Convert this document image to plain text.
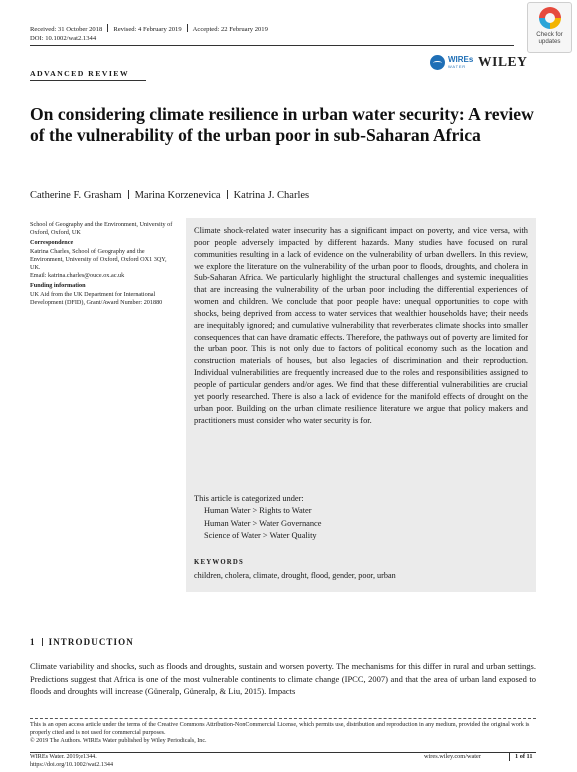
Received: 31 October 2018 Revised: 4 February 2019 Accepted: 22 February 2019
DOI: 10.1002/wat2.1344
Check for
updates
ADVANCED REVIEW
WIREs
WATER WILEY
On considering climate resilience in urban water security: A review of the vulnerability of the urban poor in sub-Saharan Africa
Catherine F. Grasham Marina Korzenevica Katrina J. Charles
School of Geography and the Environment, University of Oxford, Oxford, UK
Correspondence
Katrina Charles, School of Geography and the Environment, University of Oxford, Oxford OX1 3QY, UK.
Email: katrina.charles@ouce.ox.ac.uk
Funding information
UK Aid from the UK Department for International Development (DFID), Grant/Award Number: 201880
Climate shock-related water insecurity has a significant impact on poverty, and vice versa, with poor people adversely impacted by different hazards. Many studies have focused on rural communities resulting in a lack of evidence on the vulnerability of urban dwellers. In this review, we explore the literature on the vulnerability of the urban poor to floods, droughts, and cholera in Sub-Saharan Africa. We particularly highlight the structural challenges and systemic inequalities that are increasing the vulnerability of the urban poor including the differential experiences of women and children. We conclude that poor people have: unequal opportunities to cope with shocks, being deprived from access to water services that wealthier households have; their needs are inequitably ignored; and cumulative vulnerability that reverberates climate shocks into smaller consequences that can have dramatic effects. Therefore, the pathways out of poverty are limited for the urban poor. This is not only due to factors of political economy such as the location and construction materials of houses, but also legacies of discrimination and their reproduction. Individual vulnerabilities are frequently increased due to the roles and responsibilities assigned to people of particular genders and/or ages. We find that these differential vulnerabilities are crucial yet poorly researched. There is also a lack of evidence for the manifold effects of drought on the urban poor. Building on the urban climate resilience literature we argue that policy makers and practitioners must consider who water security is for.
This article is categorized under:
Human Water > Rights to Water
Human Water > Water Governance
Science of Water > Water Quality
KEYWORDS
children, cholera, climate, drought, flood, gender, poor, urban
1 INTRODUCTION
Climate variability and shocks, such as floods and droughts, sustain and worsen poverty. The mechanisms for this differ in rural and urban settings. Predictions suggest that Africa is one of the most vulnerable continents to climate change (IPCC, 2007) and that the area of urban land exposed to floods and droughts will increase (Güneralp, Güneralp, & Liu, 2015). Impacts
This is an open access article under the terms of the Creative Commons Attribution-NonCommercial License, which permits use, distribution and reproduction in any medium, provided the original work is properly cited and is not used for commercial purposes.
© 2019 The Authors. WIREs Water published by Wiley Periodicals, Inc.
WIREs Water. 2019;e1344.
https://doi.org/10.1002/wat2.1344
wires.wiley.com/water	1 of 11
